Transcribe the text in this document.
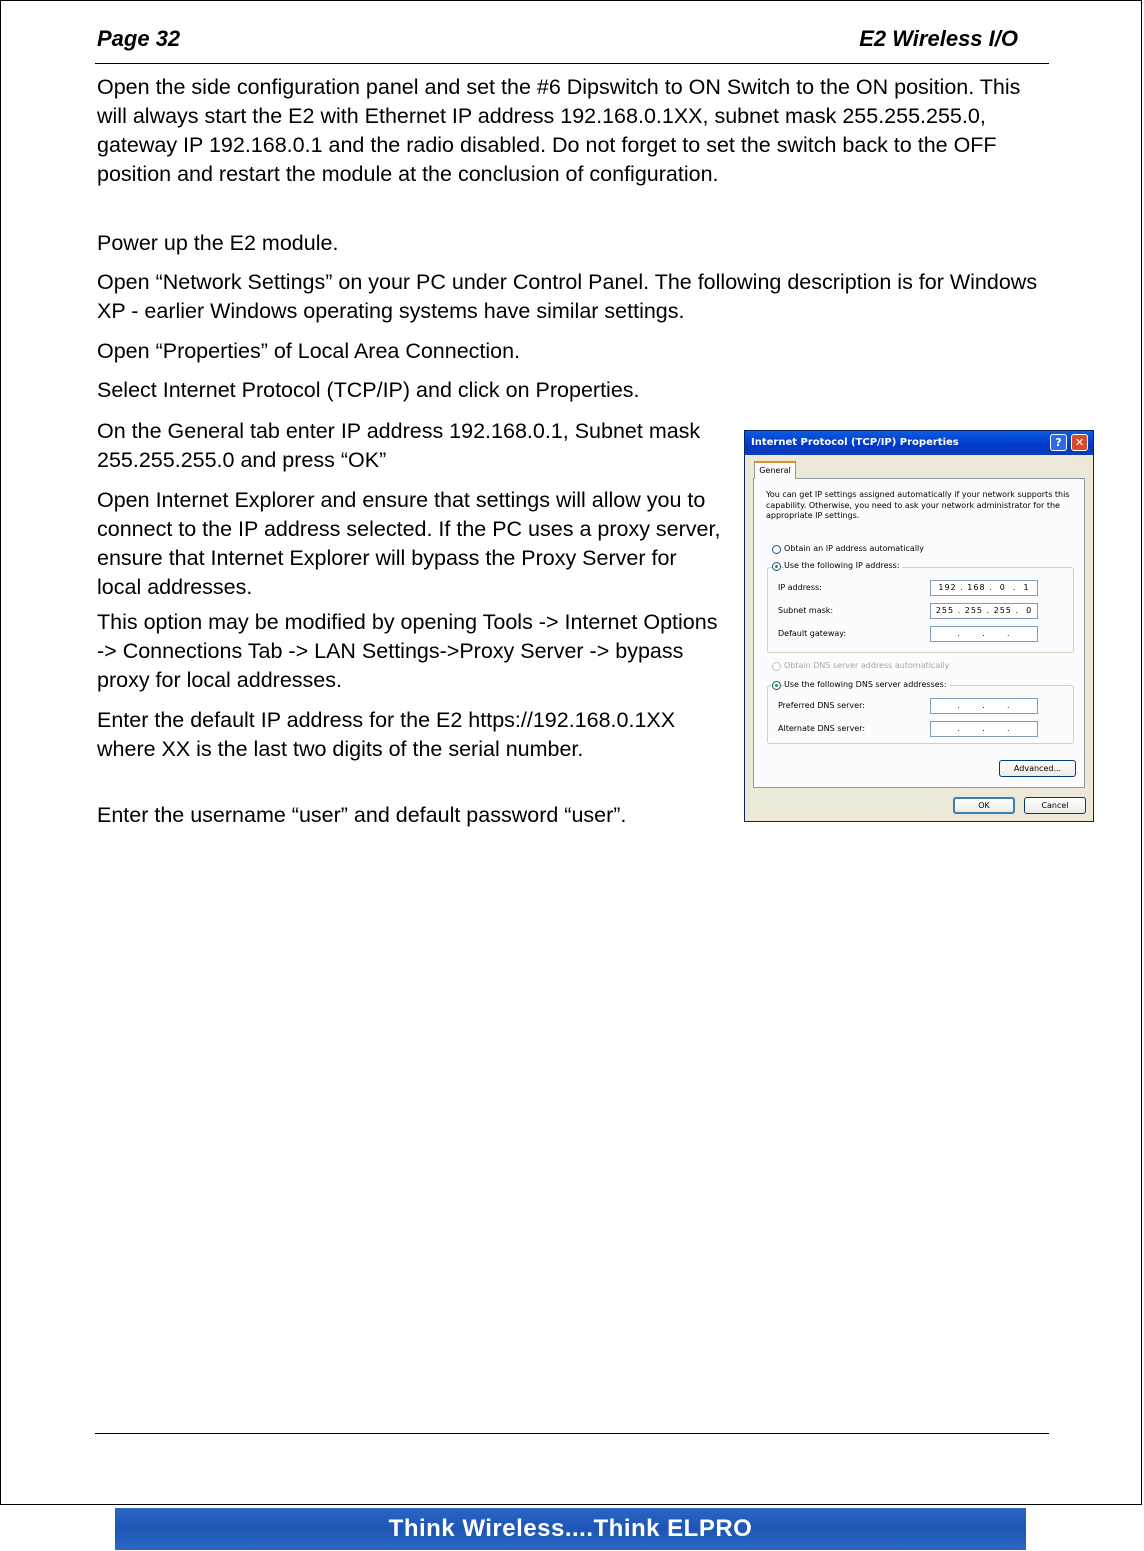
Page 32	E2 Wireless I/O

Open the side configuration panel and set the #6 Dipswitch to ON Switch to the ON position. This will always start the E2 with Ethernet IP address 192.168.0.1XX, subnet mask 255.255.255.0, gateway IP 192.168.0.1 and the radio disabled. Do not forget to set the switch back to the OFF position and restart the module at the conclusion of configuration.

Power up the E2 module.

Open “Network Settings” on your PC under Control Panel. The following description is for Windows XP - earlier Windows operating systems have similar settings.

Open “Properties” of Local Area Connection.

Select Internet Protocol (TCP/IP) and click on Properties.

On the General tab enter IP address 192.168.0.1, Subnet mask 255.255.255.0 and press “OK”

Open Internet Explorer and ensure that settings will allow you to connect to the IP address selected. If the PC uses a proxy server, ensure that Internet Explorer will bypass the Proxy Server for local addresses.

This option may be modified by opening Tools -> Internet Options -> Connections Tab -> LAN Settings->Proxy Server -> bypass proxy for local addresses.

Enter the default IP address for the E2 https://192.168.0.1XX where XX is the last two digits of the serial number.

Enter the username “user” and default password “user”.

Internet Protocol (TCP/IP) Properties	?	✕
General
You can get IP settings assigned automatically if your network supports this capability. Otherwise, you need to ask your network administrator for the appropriate IP settings.
Obtain an IP address automatically
Use the following IP address:
IP address:	192 . 168 .  0  .  1
Subnet mask:	255 . 255 . 255 .  0
Default gateway:	.      .      .
Obtain DNS server address automatically
Use the following DNS server addresses:
Preferred DNS server:	.      .      .
Alternate DNS server:	.      .      .
Advanced...
OK	Cancel
Think Wireless....Think ELPRO
